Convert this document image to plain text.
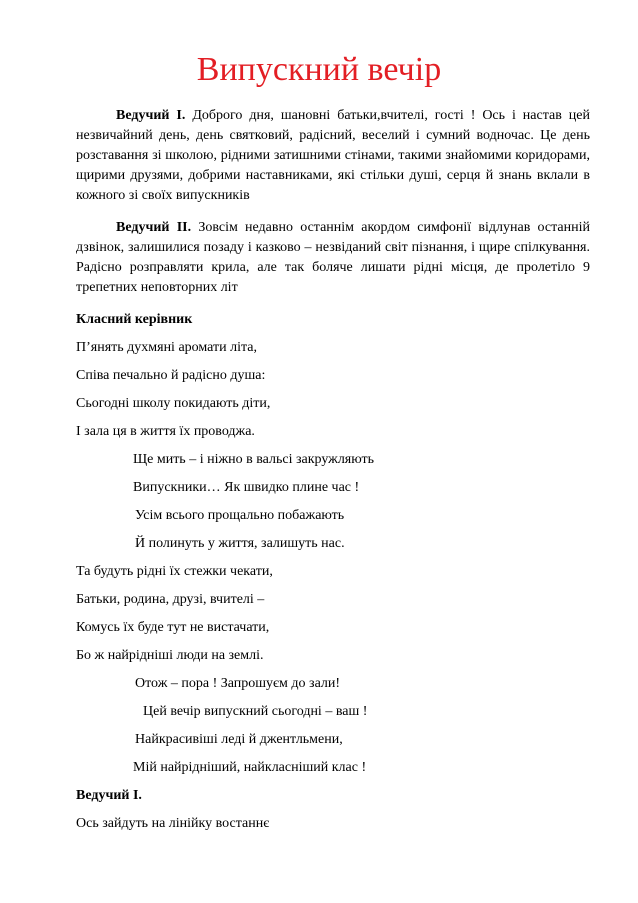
Випускний вечір
Ведучий І. Доброго дня, шановні батьки,вчителі, гості ! Ось і настав цей незвичайний день, день святковий, радісний, веселий і сумний водночас. Це день розставання зі школою, рідними затишними стінами, такими знайомими коридорами, щирими друзями, добрими наставниками, які стільки душі, серця й знань вклали в кожного зі своїх випускників
Ведучий ІІ. Зовсім недавно останнім акордом симфонії відлунав останній дзвінок, залишилися позаду і казково – незвіданий світ пізнання, і щире спілкування. Радісно розправляти крила, але так боляче лишати рідні місця, де пролетіло 9 трепетних неповторних літ
Класний керівник
П’янять духмяні аромати літа,
Співа печально й радісно душа:
Сьогодні школу покидають діти,
І зала ця в життя їх проводжа.
Ще мить – і ніжно в вальсі закружляють
Випускники… Як швидко плине час !
Усім всього прощально побажають
Й полинуть у життя, залишуть нас.
Та будуть рідні їх стежки чекати,
Батьки, родина, друзі, вчителі –
Комусь їх буде тут не вистачати,
Бо ж найрідніші люди на землі.
Отож – пора ! Запрошуєм до зали!
Цей вечір випускний сьогодні – ваш !
Найкрасивіші леді й джентльмени,
Мій найрідніший, найкласніший клас !
Ведучий І.
Ось зайдуть на лінійку востаннє
